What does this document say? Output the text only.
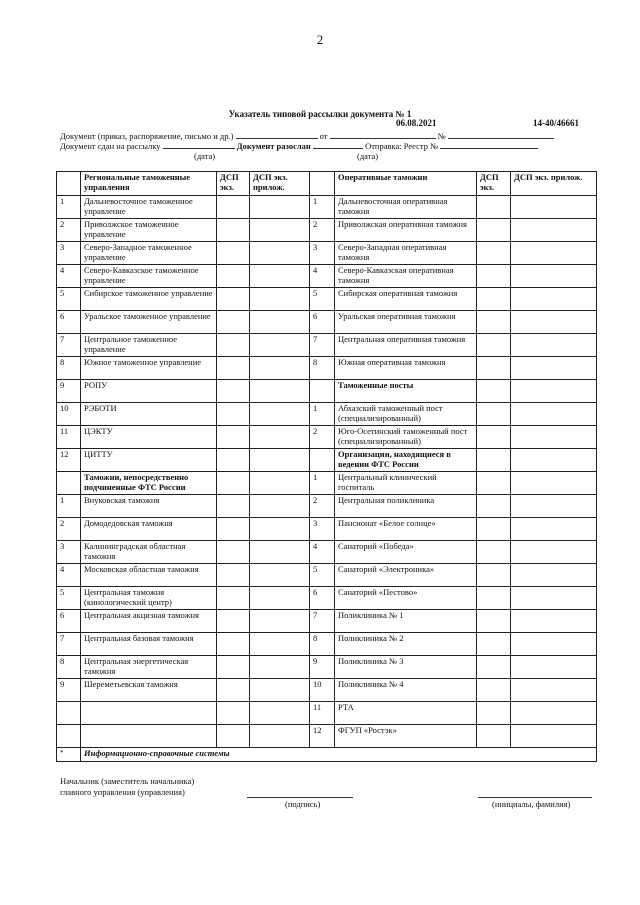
2
Указатель типовой рассылки документа № 1
06.08.2021	14-40/46661
Документ (приказ, распоряжение, письмо и др.)	от	№
Документ сдан на рассылку	Документ разослан	Отправка: Реестр №
(дата)	(дата)
	Региональные таможенные управления	ДСП экз.	ДСП экз. прилож.		Оперативные таможни	ДСП экз.	ДСП экз. прилож.
1	Дальневосточное таможенное управление			1	Дальневосточная оперативная таможня		
2	Приволжское таможенное управление			2	Приволжская оперативная таможня		
3	Северо-Западное таможенное управление			3	Северо-Западная оперативная таможня		
4	Северо-Кавказское таможенное управление			4	Северо-Кавказская оперативная таможня		
5	Сибирское таможенное управление			5	Сибирская оперативная таможня		
6	Уральское таможенное управление			6	Уральская оперативная таможня		
7	Центральное таможенное управление			7	Центральная оперативная таможня		
8	Южное таможенное управление			8	Южная оперативная таможня		
9	РОПУ				Таможенные посты		
10	РЭБОТИ			1	Абхазский таможенный пост (специализированный)		
11	ЦЭКТУ			2	Юго-Осетинский таможенный пост (специализированный)		
12	ЦИТТУ				Организации, находящиеся в ведении ФТС России		
	Таможни, непосредственно подчиненные ФТС России			1	Центральный клинический госпиталь		
1	Внуковская таможня			2	Центральная поликлиника		
2	Домодедовская таможня			3	Пансионат «Белое солнце»		
3	Калининградская областная таможня			4	Санаторий «Победа»		
4	Московская областная таможня			5	Санаторий «Электроника»		
5	Центральная таможня (кинологический центр)			6	Санаторий «Пестово»		
6	Центральная акцизная таможня			7	Поликлиника № 1		
7	Центральная базовая таможня			8	Поликлиника № 2		
8	Центральная энергетическая таможня			9	Поликлиника № 3		
9	Шереметьевская таможня			10	Поликлиника № 4		
				11	РТА		
				12	ФГУП «Ростэк»		
*	Информационно-справочные системы						
Начальник (заместитель начальника)
главного управления (управления)
(подпись)	(инициалы, фамилия)
